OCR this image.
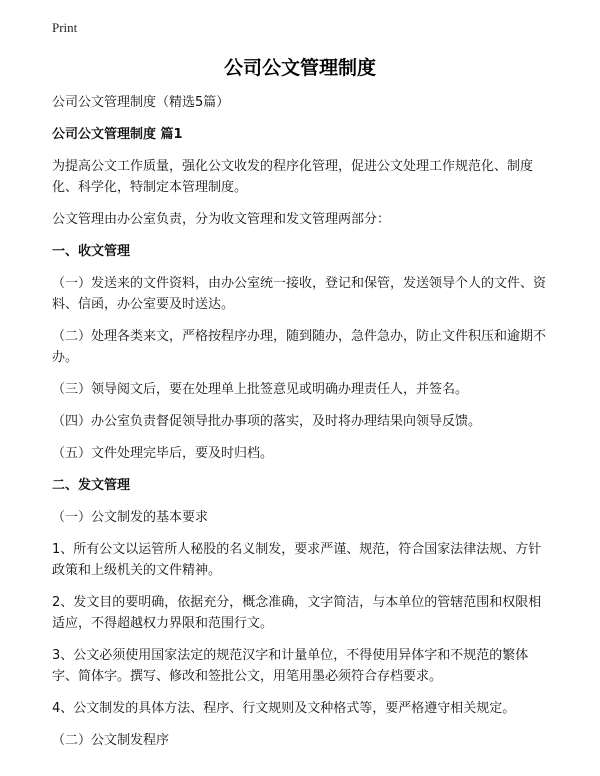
Print
公司公文管理制度

公司公文管理制度（精选5篇）

公司公文管理制度 篇1

为提高公文工作质量，强化公文收发的程序化管理，促进公文处理工作规范化、制度化、科学化，特制定本管理制度。

公文管理由办公室负责，分为收文管理和发文管理两部分：

一、收文管理

（一）发送来的文件资料，由办公室统一接收，登记和保管，发送领导个人的文件、资料、信函，办公室要及时送达。

（二）处理各类来文，严格按程序办理，随到随办，急件急办，防止文件积压和逾期不办。

（三）领导阅文后，要在处理单上批签意见或明确办理责任人，并签名。

（四）办公室负责督促领导批办事项的落实，及时将办理结果向领导反馈。

（五）文件处理完毕后，要及时归档。

二、发文管理

（一）公文制发的基本要求

1、所有公文以运管所人秘股的名义制发，要求严谨、规范，符合国家法律法规、方针政策和上级机关的文件精神。

2、发文目的要明确，依据充分，概念准确，文字简洁，与本单位的管辖范围和权限相适应，不得超越权力界限和范围行文。

3、公文必须使用国家法定的规范汉字和计量单位，不得使用异体字和不规范的繁体字、简体字。撰写、修改和签批公文，用笔用墨必须符合存档要求。

4、公文制发的具体方法、程序、行文规则及文种格式等，要严格遵守相关规定。

（二）公文制发程序
